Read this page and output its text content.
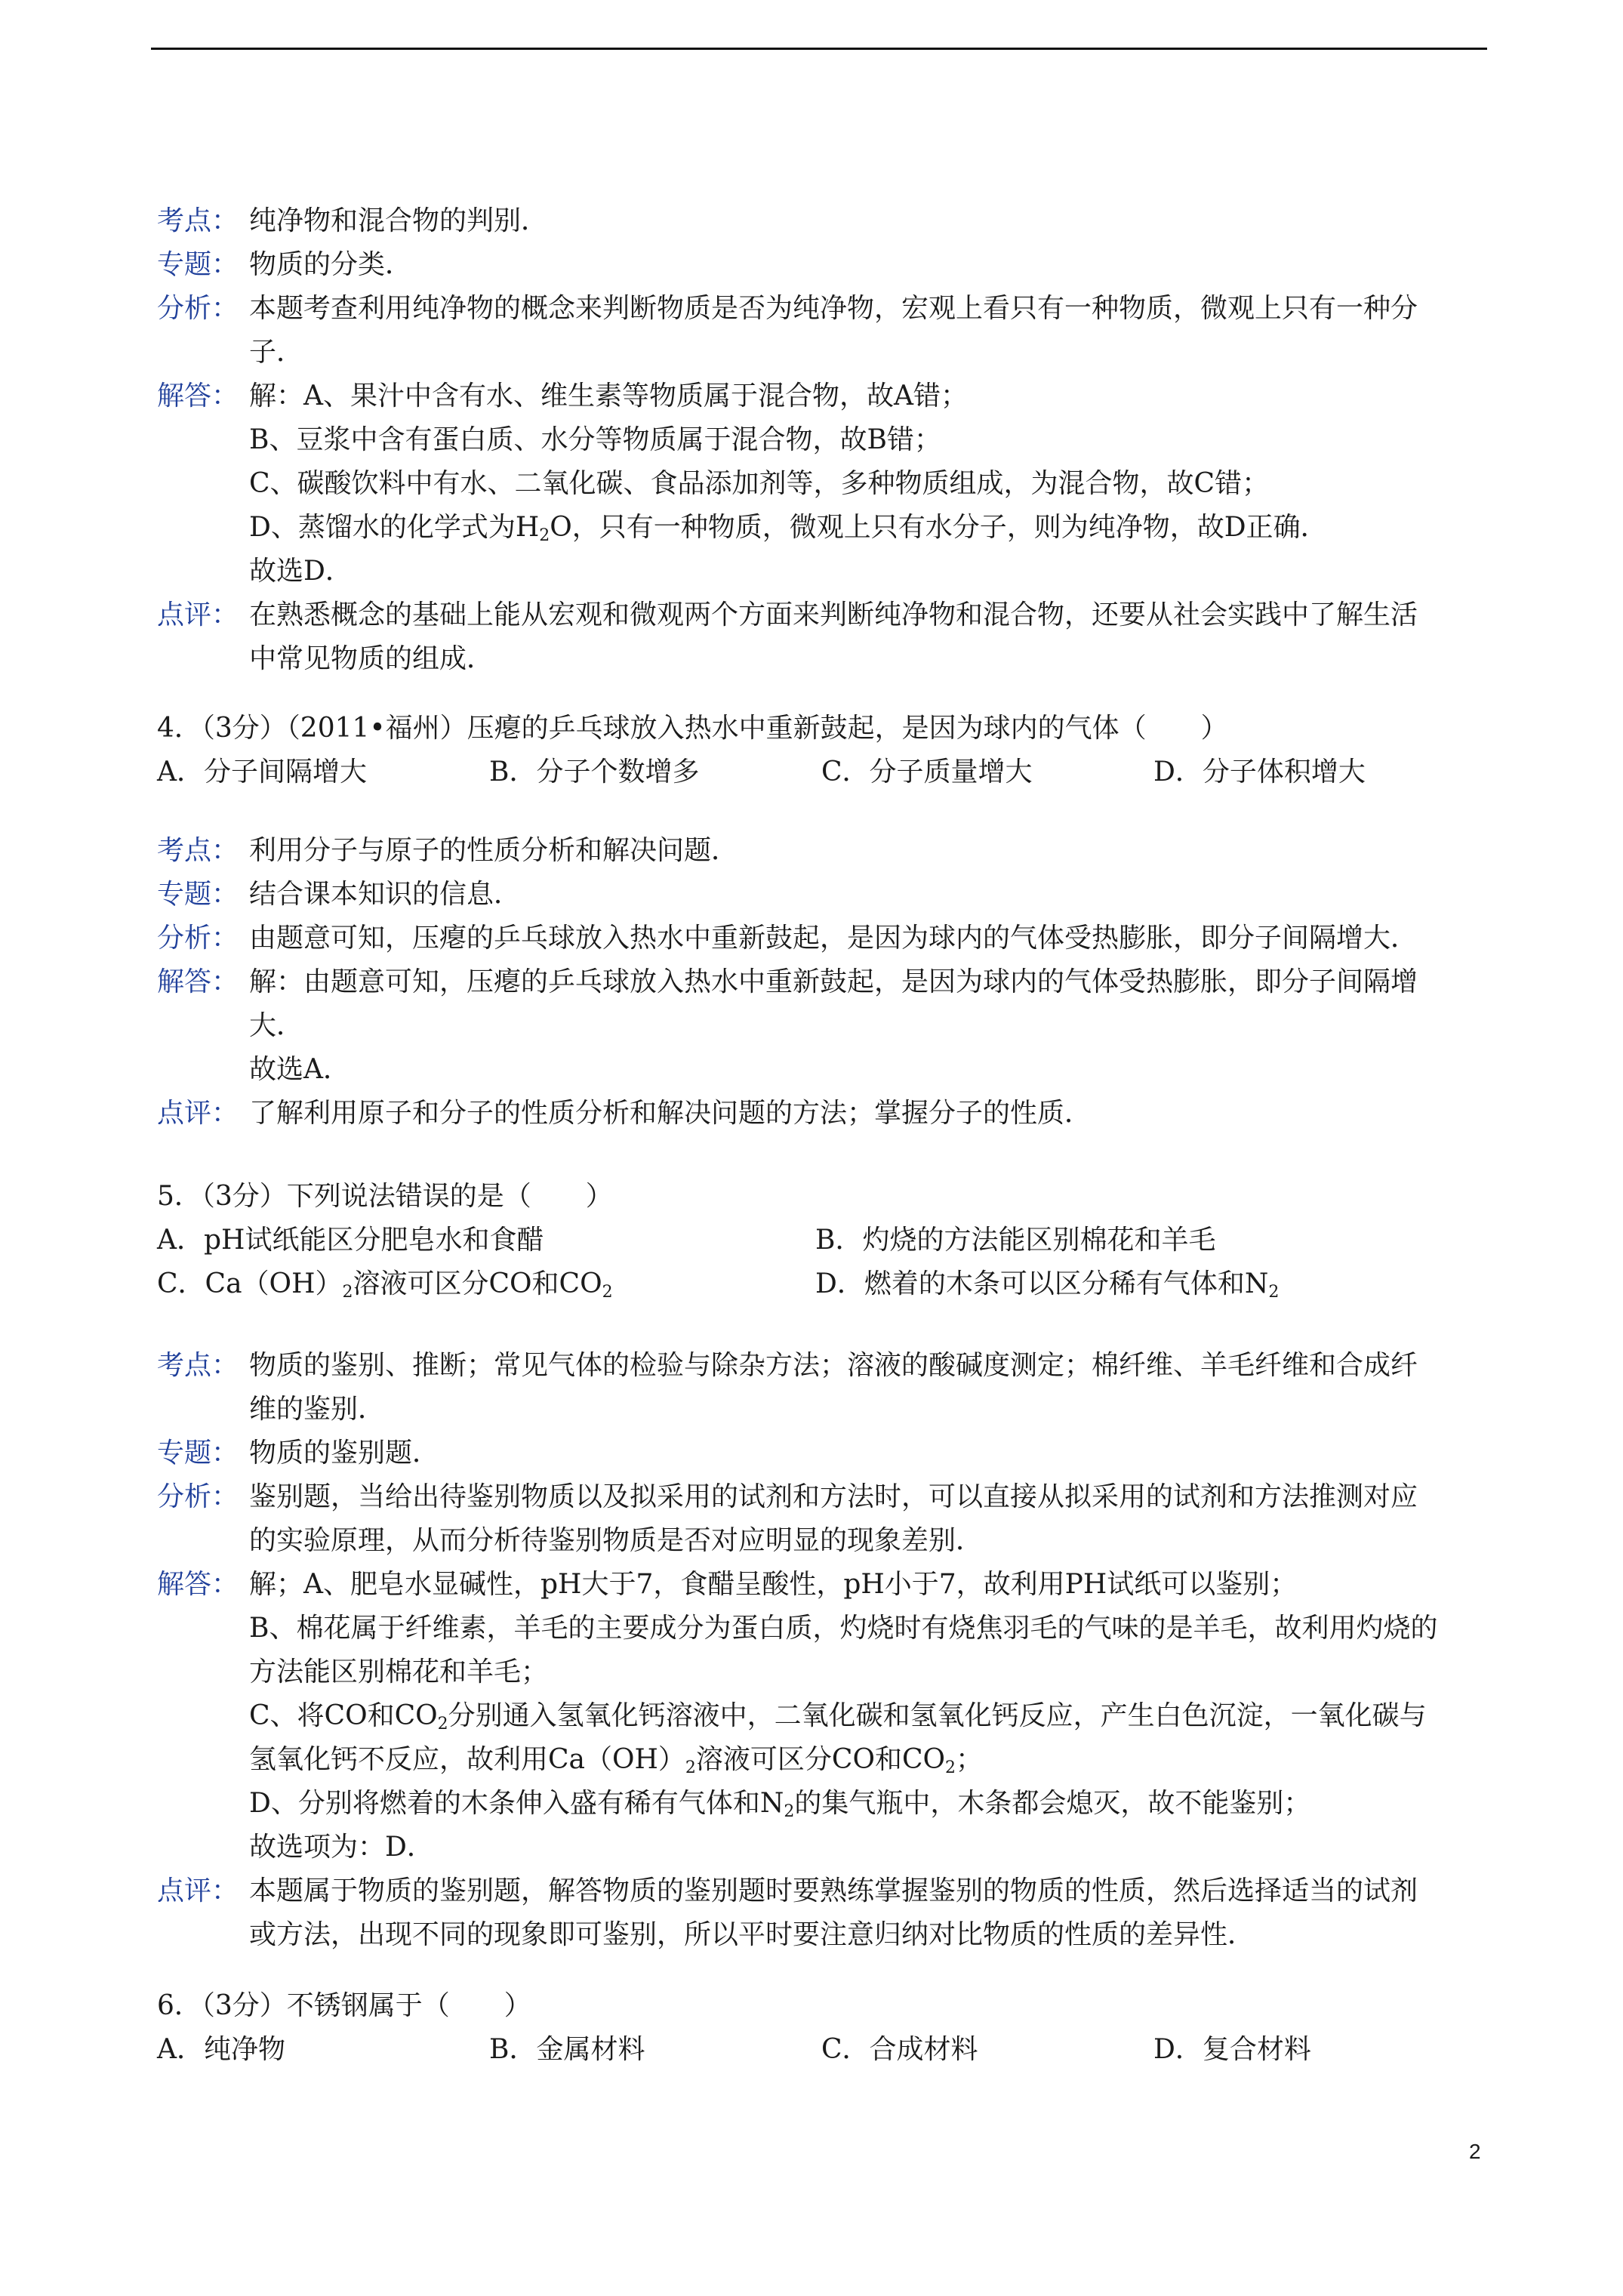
考点： 纯净物和混合物的判别．
专题： 物质的分类．
分析： 本题考查利用纯净物的概念来判断物质是否为纯净物，宏观上看只有一种物质，微观上只有一种分
子．
解答： 解：A、果汁中含有水、维生素等物质属于混合物，故A错；
B、豆浆中含有蛋白质、水分等物质属于混合物，故B错；
C、碳酸饮料中有水、二氧化碳、食品添加剂等，多种物质组成，为混合物，故C错；
D、蒸馏水的化学式为$H_2O$，只有一种物质，微观上只有水分子，则为纯净物，故D正确．
故选D．
点评： 在熟悉概念的基础上能从宏观和微观两个方面来判断纯净物和混合物，还要从社会实践中了解生活
中常见物质的组成．
4．（3分）（2011•福州）压瘪的乒乓球放入热水中重新鼓起，是因为球内的气体（　　）
A．分子间隔增大	B．分子个数增多	C．分子质量增大	D．分子体积增大
考点： 利用分子与原子的性质分析和解决问题．
专题： 结合课本知识的信息．
分析： 由题意可知，压瘪的乒乓球放入热水中重新鼓起，是因为球内的气体受热膨胀，即分子间隔增大．
解答： 解：由题意可知，压瘪的乒乓球放入热水中重新鼓起，是因为球内的气体受热膨胀，即分子间隔增
大．
故选A．
点评： 了解利用原子和分子的性质分析和解决问题的方法；掌握分子的性质．
5．（3分）下列说法错误的是（　　）
A．pH试纸能区分肥皂水和食醋	B．灼烧的方法能区别棉花和羊毛
C．$Ca(OH)_2$溶液可区分CO和$CO_2$	D．燃着的木条可以区分稀有气体和$N_2$
考点： 物质的鉴别、推断；常见气体的检验与除杂方法；溶液的酸碱度测定；棉纤维、羊毛纤维和合成纤
维的鉴别．
专题： 物质的鉴别题．
分析： 鉴别题，当给出待鉴别物质以及拟采用的试剂和方法时，可以直接从拟采用的试剂和方法推测对应
的实验原理，从而分析待鉴别物质是否对应明显的现象差别．
解答： 解；A、肥皂水显碱性，pH大于7，食醋呈酸性，pH小于7，故利用PH试纸可以鉴别；
B、棉花属于纤维素，羊毛的主要成分为蛋白质，灼烧时有烧焦羽毛的气味的是羊毛，故利用灼烧的
方法能区别棉花和羊毛；
C、将CO和$CO_2$分别通入氢氧化钙溶液中，二氧化碳和氢氧化钙反应，产生白色沉淀，一氧化碳与
氢氧化钙不反应，故利用$Ca(OH)_2$溶液可区分CO和$CO_2$；
D、分别将燃着的木条伸入盛有稀有气体和$N_2$的集气瓶中，木条都会熄灭，故不能鉴别；
故选项为：D．
点评： 本题属于物质的鉴别题，解答物质的鉴别题时要熟练掌握鉴别的物质的性质，然后选择适当的试剂
或方法，出现不同的现象即可鉴别，所以平时要注意归纳对比物质的性质的差异性．
6．（3分）不锈钢属于（　　）
A．纯净物	B．金属材料	C．合成材料	D．复合材料
2
